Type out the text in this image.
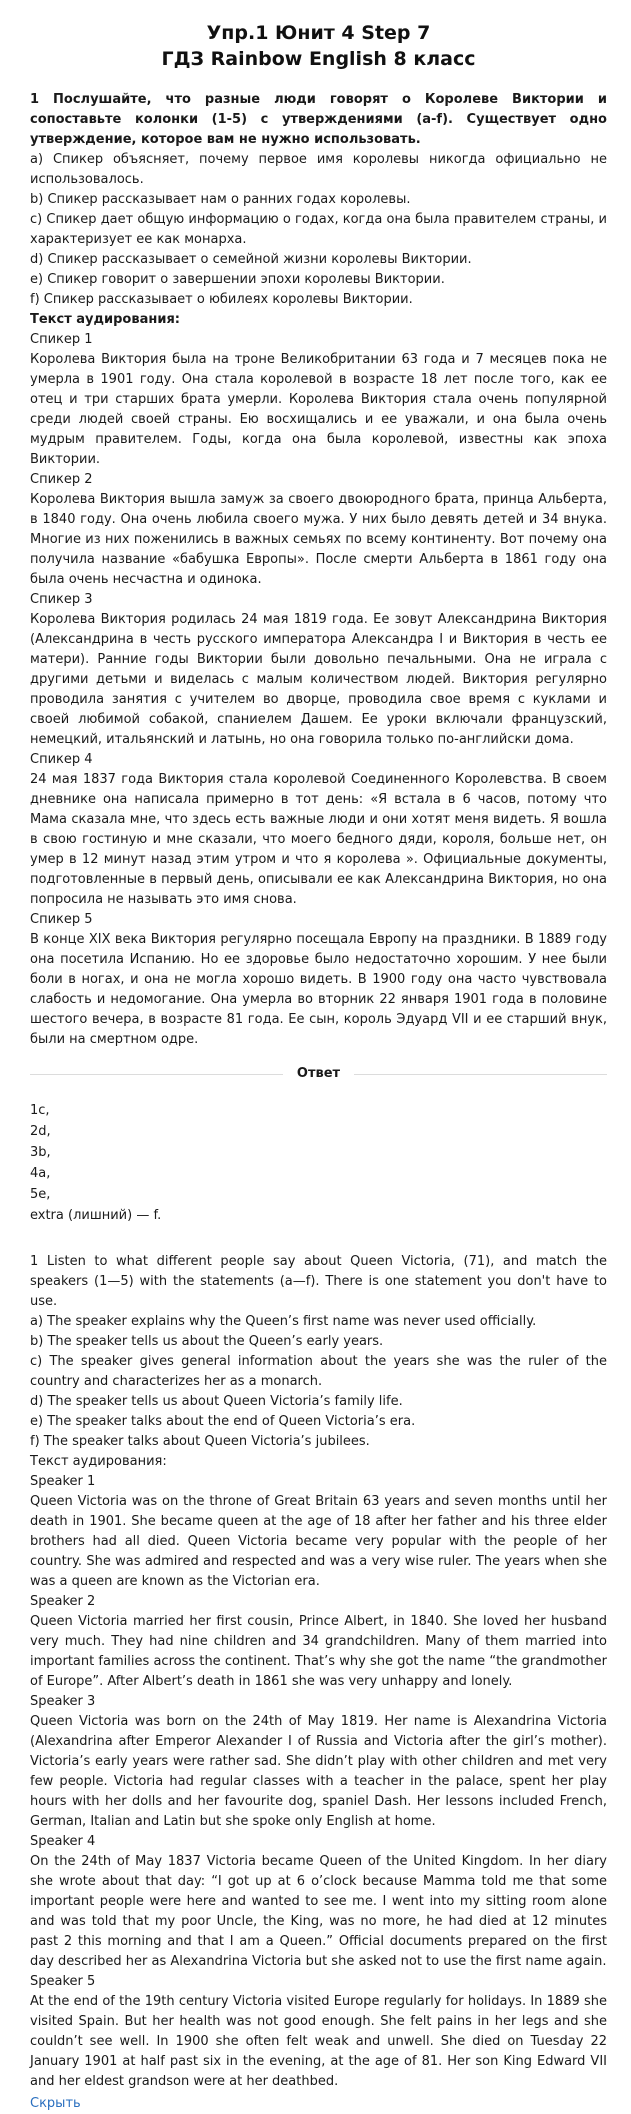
Упр.1 Юнит 4 Step 7
ГДЗ Rainbow English 8 класс

1 Послушайте, что разные люди говорят о Королеве Виктории и сопоставьте колонки (1-5) с утверждениями (a-f). Существует одно утверждение, которое вам не нужно использовать.

a) Спикер объясняет, почему первое имя королевы никогда официально не использовалось.

b) Спикер рассказывает нам о ранних годах королевы.

c) Спикер дает общую информацию о годах, когда она была правителем страны, и характеризует ее как монарха.

d) Спикер рассказывает о семейной жизни королевы Виктории.

e) Спикер говорит о завершении эпохи королевы Виктории.

f) Спикер рассказывает о юбилеях королевы Виктории.

Текст аудирования:

Спикер 1

Королева Виктория была на троне Великобритании 63 года и 7 месяцев пока не умерла в 1901 году. Она стала королевой в возрасте 18 лет после того, как ее отец и три старших брата умерли. Королева Виктория стала очень популярной среди людей своей страны. Ею восхищались и ее уважали, и она была очень мудрым правителем. Годы, когда она была королевой, известны как эпоха Виктории.

Спикер 2

Королева Виктория вышла замуж за своего двоюродного брата, принца Альберта, в 1840 году. Она очень любила своего мужа. У них было девять детей и 34 внука. Многие из них поженились в важных семьях по всему континенту. Вот почему она получила название «бабушка Европы». После смерти Альберта в 1861 году она была очень несчастна и одинока.

Спикер 3

Королева Виктория родилась 24 мая 1819 года. Ее зовут Александрина Виктория (Александрина в честь русского императора Александра I и Виктория в честь ее матери). Ранние годы Виктории были довольно печальными. Она не играла с другими детьми и виделась с малым количеством людей. Виктория регулярно проводила занятия с учителем во дворце, проводила свое время с куклами и своей любимой собакой, спаниелем Дашем. Ее уроки включали французский, немецкий, итальянский и латынь, но она говорила только по-английски дома.

Спикер 4

24 мая 1837 года Виктория стала королевой Соединенного Королевства. В своем дневнике она написала примерно в тот день: «Я встала в 6 часов, потому что Мама сказала мне, что здесь есть важные люди и они хотят меня видеть. Я вошла в свою гостиную и мне сказали, что моего бедного дяди, короля, больше нет, он умер в 12 минут назад этим утром и что я королева ». Официальные документы, подготовленные в первый день, описывали ее как Александрина Виктория, но она попросила не называть это имя снова.

Спикер 5

В конце XIX века Виктория регулярно посещала Европу на праздники. В 1889 году она посетила Испанию. Но ее здоровье было недостаточно хорошим. У нее были боли в ногах, и она не могла хорошо видеть. В 1900 году она часто чувствовала слабость и недомогание. Она умерла во вторник 22 января 1901 года в половине шестого вечера, в возрасте 81 года. Ее сын, король Эдуард VII и ее старший внук, были на смертном одре.

Ответ
1c,
2d,
3b,
4a,
5e,
extra (лишний) — f.

1 Listen to what different people say about Queen Victoria, (71), and match the speakers (1—5) with the statements (a—f). There is one statement you don't have to use.

a) The speaker explains why the Queen’s first name was never used officially.

b) The speaker tells us about the Queen’s early years.

c) The speaker gives general information about the years she was the ruler of the country and characterizes her as a monarch.

d) The speaker tells us about Queen Victoria’s family life.

e) The speaker talks about the end of Queen Victoria’s era.

f) The speaker talks about Queen Victoria’s jubilees.

Текст аудирования:

Speaker 1

Queen Victoria was on the throne of Great Britain 63 years and seven months until her death in 1901. She became queen at the age of 18 after her father and his three elder brothers had all died. Queen Victoria became very popular with the people of her country. She was admired and respected and was a very wise ruler. The years when she was a queen are known as the Victorian era.

Speaker 2

Queen Victoria married her first cousin, Prince Albert, in 1840. She loved her husband very much. They had nine children and 34 grandchildren. Many of them married into important families across the continent. That’s why she got the name “the grandmother of Europe”. After Albert’s death in 1861 she was very unhappy and lonely.

Speaker 3

Queen Victoria was born on the 24th of May 1819. Her name is Alexandrina Victoria (Alexandrina after Emperor Alexander I of Russia and Victoria after the girl’s mother). Victoria’s early years were rather sad. She didn’t play with other children and met very few people. Victoria had regular classes with a teacher in the palace, spent her play hours with her dolls and her favourite dog, spaniel Dash. Her lessons included French, German, Italian and Latin but she spoke only English at home.

Speaker 4

On the 24th of May 1837 Victoria became Queen of the United Kingdom. In her diary she wrote about that day: “I got up at 6 o’clock because Mamma told me that some important people were here and wanted to see me. I went into my sitting room alone and was told that my poor Uncle, the King, was no more, he had died at 12 minutes past 2 this morning and that I am a Queen.” Official documents prepared on the first day described her as Alexandrina Victoria but she asked not to use the first name again.

Speaker 5

At the end of the 19th century Victoria visited Europe regularly for holidays. In 1889 she visited Spain. But her health was not good enough. She felt pains in her legs and she couldn’t see well. In 1900 she often felt weak and unwell. She died on Tuesday 22 January 1901 at half past six in the evening, at the age of 81. Her son King Edward VII and her eldest grandson were at her deathbed.

Скрыть
